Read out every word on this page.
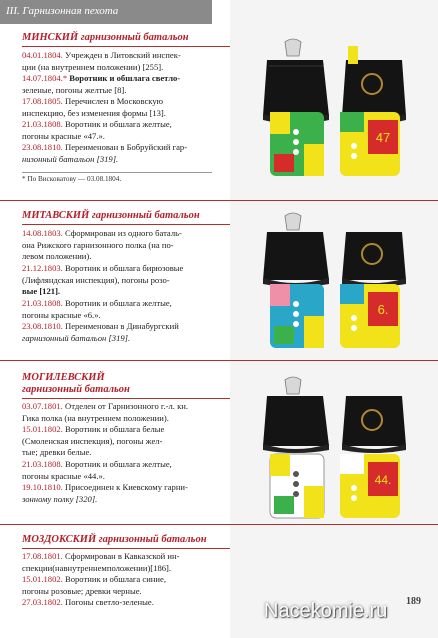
III. Гарнизонная пехота
МИНСКИЙ гарнизонный батальон
04.01.1804. Учрежден в Литовский инспек-
ции (на внутреннем положении) [255].
14.07.1804.* Воротник и обшлага светло-
зеленые, погоны желтые [8].
17.08.1805. Перечислен в Московскую
инспекцию, без изменения формы [13].
21.03.1808. Воротник и обшлага желтые,
погоны красные «47.».
23.08.1810. Переименован в Бобруйский гар-
низонный батальон [319].
* По Висковатову — 03.08.1804.
МИТАВСКИЙ гарнизонный батальон
14.08.1803. Сформирован из одного баталь-
она Рижского гарнизонного полка (на по-
левом положении).
21.12.1803. Воротник и обшлага бирюзовые
(Лифляндская инспекция), погоны розо-
вые [121].
21.03.1808. Воротник и обшлага желтые,
погоны красные «6.».
23.08.1810. Переименован в Динабургский
гарнизонный батальон [319].
МОГИЛЕВСКИЙ
гарнизонный батальон
03.07.1801. Отделен от Гарнизонного г.-л. кн.
Гика полка (на внутреннем положении).
15.01.1802. Воротник и обшлага белые
(Смоленская инспекция), погоны жел-
тые; древки белые.
21.03.1808. Воротник и обшлага желтые,
погоны красные «44.».
19.10.1810. Присоединен к Киевскому гарни-
зонному полку [320].
МОЗДОКСКИЙ гарнизонный батальон
17.08.1801. Сформирован в Кавказской ин-
спекции(навнутреннемположении)[186].
15.01.1802. Воротник и обшлага синие,
погоны розовые; древки черные.
27.03.1802. Погоны светло-зеленые.
47
6.
44.
189
Nacekomie.ru
